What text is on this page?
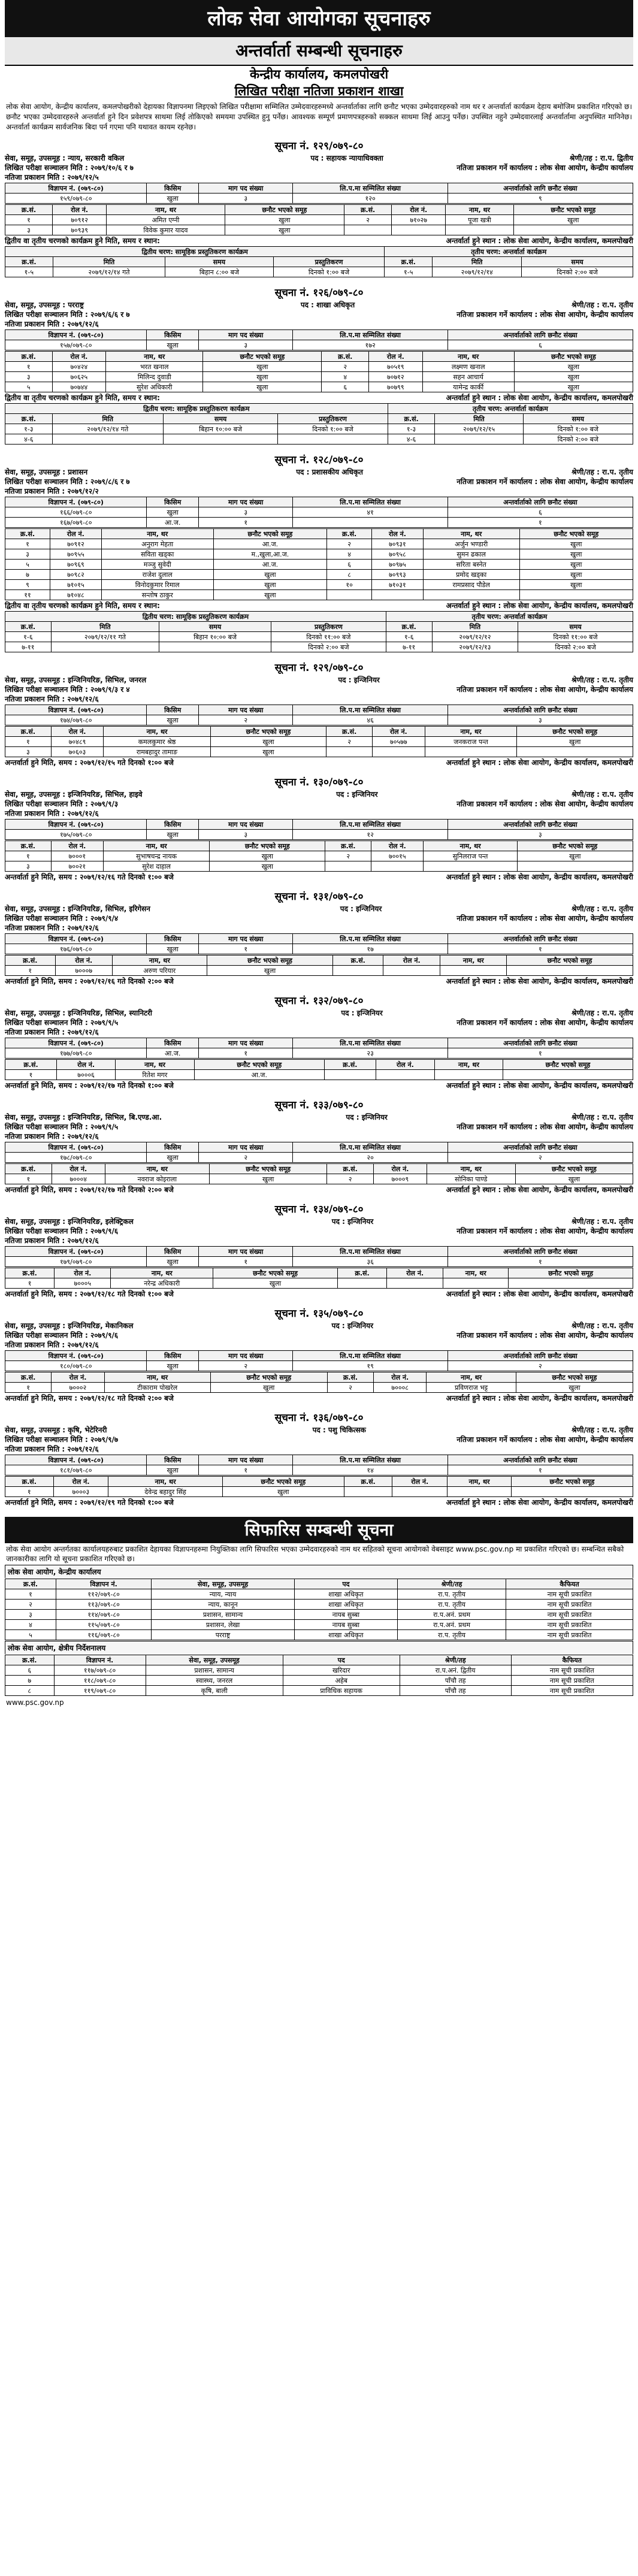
लोक सेवा आयोगका सूचनाहरु
अन्तर्वार्ता सम्बन्धी सूचनाहरु
केन्द्रीय कार्यालय, कमलपोखरी
लिखित परीक्षा नतिजा प्रकाशन शाखा
लोक सेवा आयोग, केन्द्रीय कार्यालय, कमलपोखरीको देहायका विज्ञापनमा लिइएको लिखित परीक्षामा सम्मिलित उम्मेदवारहरुमध्ये अन्तर्वार्ताका लागि छनौट भएका उम्मेदवारहरुको नाम थर र अन्तर्वार्ता कार्यक्रम देहाय बमोजिम प्रकाशित गरिएको छ। छनौट भएका उम्मेदवारहरुले अन्तर्वार्ता हुने दिन प्रवेशपत्र साथमा लिई तोकिएको समयमा उपस्थित हुनु पर्नेछ। आवश्यक सम्पूर्ण प्रमाणपत्रहरुको सक्कल साथमा लिई आउनु पर्नेछ। उपस्थित नहुने उम्मेदवारलाई अन्तर्वार्तामा अनुपस्थित मानिनेछ। अन्तर्वार्ता कार्यक्रम सार्वजनिक बिदा पर्न गएमा पनि यथावत कायम रहनेछ।
सूचना नं. १२९/०७९-८०
सेवा, समूह, उपसमूह : न्याय, सरकारी वकिल	पद : सहायक न्यायाधिवक्ता	श्रेणी/तह : रा.प. द्वितीय
लिखित परीक्षा सञ्चालन मिति : २०७९/१०/६ र ७	नतिजा प्रकाशन गर्ने कार्यालय : लोक सेवा आयोग, केन्द्रीय कार्यालय
नतिजा प्रकाशन मिति : २०७९/१२/५
विज्ञापन नं. (०७९-८०)	किसिम	माग पद संख्या	लि.प.मा सम्मिलित संख्या	अन्तर्वार्ताको लागि छनौट संख्या
१५९/०७९-८०	खुला	३	१२०	९
क्र.सं.	रोल नं.	नाम, थर	छनौट भएको समूह	क्र.सं.	रोल नं.	नाम, थर	छनौट भएको समूह
१	७०९१२	अमित एग्नी	खुला	२	७१०२७	पूजा खत्री	खुला
३	७०९३९	विवेक कुमार यादव	खुला				
द्वितीय वा तृतीय चरणको कार्यक्रम हुने मिति, समय र स्थान:	अन्तर्वार्ता हुने स्थान : लोक सेवा आयोग, केन्द्रीय कार्यालय, कमलपोखरी
द्वितीय चरण: सामूहिक प्रस्तुतिकरण कार्यक्रम				तृतीय चरण: अन्तर्वार्ता कार्यक्रम		
क्र.सं.	मिति	समय	प्रस्तुतिकरण	क्र.सं.	मिति	समय
१-५	२०७९/१२/१४ गते	बिहान ८:०० बजे	दिनको १:०० बजे	१-५	२०७९/१२/१४	दिनको २:०० बजे
सूचना नं. १२६/०७९-८०
सेवा, समूह, उपसमूह : परराष्ट्र	पद : शाखा अधिकृत	श्रेणी/तह : रा.प. तृतीय
लिखित परीक्षा सञ्चालन मिति : २०७९/६/६ र ७	नतिजा प्रकाशन गर्ने कार्यालय : लोक सेवा आयोग, केन्द्रीय कार्यालय
नतिजा प्रकाशन मिति : २०७९/१२/६
विज्ञापन नं. (०७९-८०)	किसिम	माग पद संख्या	लि.प.मा सम्मिलित संख्या	अन्तर्वार्ताको लागि छनौट संख्या
१५७/०७९-८०	खुला	३	१७२	६
क्र.सं.	रोल नं.	नाम, थर	छनौट भएको समूह	क्र.सं.	रोल नं.	नाम, थर	छनौट भएको समूह
१	७०४२४	भरत खनाल	खुला	२	७०५१९	लक्ष्मण खनाल	खुला
३	७०६२५	मिलिन्द दुवाडी	खुला	४	७०७१२	सहन आचार्य	खुला
५	७०७४४	सुरेश अधिकारी	खुला	६	७०७९९	यामेन्द्र कार्की	खुला
द्वितीय वा तृतीय चरणको कार्यक्रम हुने मिति, समय र स्थान:	अन्तर्वार्ता हुने स्थान : लोक सेवा आयोग, केन्द्रीय कार्यालय, कमलपोखरी
द्वितीय चरण: सामूहिक प्रस्तुतिकरण कार्यक्रम				तृतीय चरण: अन्तर्वार्ता कार्यक्रम		
क्र.सं.	मिति	समय	प्रस्तुतिकरण	क्र.सं.	मिति	समय
१-३	२०७९/१२/१४ गते	बिहान १०:०० बजे	दिनको १:०० बजे	१-३	२०७९/१२/१५	दिनको १:०० बजे
४-६				४-६		दिनको २:०० बजे
सूचना नं. १२८/०७९-८०
सेवा, समूह, उपसमूह : प्रशासन	पद : प्रशासकीय अधिकृत	श्रेणी/तह : रा.प. तृतीय
लिखित परीक्षा सञ्चालन मिति : २०७९/८/६ र ७	नतिजा प्रकाशन गर्ने कार्यालय : लोक सेवा आयोग, केन्द्रीय कार्यालय
नतिजा प्रकाशन मिति : २०७९/१२/२
विज्ञापन नं. (०७९-८०)	किसिम	माग पद संख्या	लि.प.मा सम्मिलित संख्या	अन्तर्वार्ताको लागि छनौट संख्या
१६६/०७९-८०	खुला	३	४१	६
१६७/०७९-८०	आ.ज.	१		१
क्र.सं.	रोल नं.	नाम, थर	छनौट भएको समूह	क्र.सं.	रोल नं.	नाम, थर	छनौट भएको समूह
१	७०९१२	अनुराग मेहता	आ.ज.	२	७०९३१	अर्जुन भण्डारी	खुला
३	७०९५५	सविता खड्का	म.,खुला,आ.ज.	४	७०९५८	सुमन ढकाल	खुला
५	७०९६९	मञ्जु सुवेदी	आ.ज.	६	७०९७५	सरिता बस्नेत	खुला
७	७०९८२	राजेश दुलाल	खुला	८	७०९९३	प्रमोद खड्का	खुला
९	७१०१५	विनोदकुमार रिमाल	खुला	१०	७१०३१	रामप्रसाद पौडेल	खुला
११	७१०४८	सन्तोष ठाकुर	खुला				
द्वितीय वा तृतीय चरणको कार्यक्रम हुने मिति, समय र स्थान:	अन्तर्वार्ता हुने स्थान : लोक सेवा आयोग, केन्द्रीय कार्यालय, कमलपोखरी
द्वितीय चरण: सामूहिक प्रस्तुतिकरण कार्यक्रम				तृतीय चरण: अन्तर्वार्ता कार्यक्रम		
क्र.सं.	मिति	समय	प्रस्तुतिकरण	क्र.सं.	मिति	समय
१-६	२०७९/१२/११ गते	बिहान १०:०० बजे	दिनको ११:०० बजे	१-६	२०७९/१२/१२	दिनको ११:०० बजे
७-११			दिनको २:०० बजे	७-११	२०७९/१२/१३	दिनको २:०० बजे
सूचना नं. १२९/०७९-८०
सेवा, समूह, उपसमूह : इन्जिनियरिङ, सिभिल, जनरल	पद : इन्जिनियर	श्रेणी/तह : रा.प. तृतीय
लिखित परीक्षा सञ्चालन मिति : २०७९/९/३ र ४	नतिजा प्रकाशन गर्ने कार्यालय : लोक सेवा आयोग, केन्द्रीय कार्यालय
नतिजा प्रकाशन मिति : २०७९/१२/६
विज्ञापन नं. (०७९-८०)	किसिम	माग पद संख्या	लि.प.मा सम्मिलित संख्या	अन्तर्वार्ताको लागि छनौट संख्या
१७४/०७९-८०	खुला	२	४६	३
क्र.सं.	रोल नं.	नाम, थर	छनौट भएको समूह	क्र.सं.	रोल नं.	नाम, थर	छनौट भएको समूह
१	७०४८९	कमलकुमार श्रेष्ठ	खुला	२	७०५७७	जनकराज पन्त	खुला
३	७०६०३	रामबहादुर तामाङ	खुला				
अन्तर्वार्ता हुने मिति, समय : २०७९/१२/१५ गते दिनको १:०० बजे	अन्तर्वार्ता हुने स्थान : लोक सेवा आयोग, केन्द्रीय कार्यालय, कमलपोखरी
सूचना नं. १३०/०७९-८०
सेवा, समूह, उपसमूह : इन्जिनियरिङ, सिभिल, हाइवे	पद : इन्जिनियर	श्रेणी/तह : रा.प. तृतीय
लिखित परीक्षा सञ्चालन मिति : २०७९/९/३	नतिजा प्रकाशन गर्ने कार्यालय : लोक सेवा आयोग, केन्द्रीय कार्यालय
नतिजा प्रकाशन मिति : २०७९/१२/६
विज्ञापन नं. (०७९-८०)	किसिम	माग पद संख्या	लि.प.मा सम्मिलित संख्या	अन्तर्वार्ताको लागि छनौट संख्या
१७५/०७९-८०	खुला	३	१२	३
क्र.सं.	रोल नं.	नाम, थर	छनौट भएको समूह	क्र.सं.	रोल नं.	नाम, थर	छनौट भएको समूह
१	७०००१	सुभाषचन्द्र नायक	खुला	२	७००१५	सुनिलराज पन्त	खुला
३	७००२१	सुरेश दाहाल	खुला				
अन्तर्वार्ता हुने मिति, समय : २०७९/१२/१६ गते दिनको १:०० बजे	अन्तर्वार्ता हुने स्थान : लोक सेवा आयोग, केन्द्रीय कार्यालय, कमलपोखरी
सूचना नं. १३१/०७९-८०
सेवा, समूह, उपसमूह : इन्जिनियरिङ, सिभिल, इरिगेसन	पद : इन्जिनियर	श्रेणी/तह : रा.प. तृतीय
लिखित परीक्षा सञ्चालन मिति : २०७९/९/४	नतिजा प्रकाशन गर्ने कार्यालय : लोक सेवा आयोग, केन्द्रीय कार्यालय
नतिजा प्रकाशन मिति : २०७९/१२/६
विज्ञापन नं. (०७९-८०)	किसिम	माग पद संख्या	लि.प.मा सम्मिलित संख्या	अन्तर्वार्ताको लागि छनौट संख्या
१७६/०७९-८०	खुला	१	१७	१
क्र.सं.	रोल नं.	नाम, थर	छनौट भएको समूह	क्र.सं.	रोल नं.	नाम, थर	छनौट भएको समूह
१	७०००७	अरुण परियार	खुला				
अन्तर्वार्ता हुने मिति, समय : २०७९/१२/१६ गते दिनको २:०० बजे	अन्तर्वार्ता हुने स्थान : लोक सेवा आयोग, केन्द्रीय कार्यालय, कमलपोखरी
सूचना नं. १३२/०७९-८०
सेवा, समूह, उपसमूह : इन्जिनियरिङ, सिभिल, स्यानिटरी	पद : इन्जिनियर	श्रेणी/तह : रा.प. तृतीय
लिखित परीक्षा सञ्चालन मिति : २०७९/९/५	नतिजा प्रकाशन गर्ने कार्यालय : लोक सेवा आयोग, केन्द्रीय कार्यालय
नतिजा प्रकाशन मिति : २०७९/१२/६
विज्ञापन नं. (०७९-८०)	किसिम	माग पद संख्या	लि.प.मा सम्मिलित संख्या	अन्तर्वार्ताको लागि छनौट संख्या
१७७/०७९-८०	आ.ज.	१	२३	१
क्र.सं.	रोल नं.	नाम, थर	छनौट भएको समूह	क्र.सं.	रोल नं.	नाम, थर	छनौट भएको समूह
१	७०००६	रितेश मगर	आ.ज.				
अन्तर्वार्ता हुने मिति, समय : २०७९/१२/१७ गते दिनको १:०० बजे	अन्तर्वार्ता हुने स्थान : लोक सेवा आयोग, केन्द्रीय कार्यालय, कमलपोखरी
सूचना नं. १३३/०७९-८०
सेवा, समूह, उपसमूह : इन्जिनियरिङ, सिभिल, बि.एण्ड.आ.	पद : इन्जिनियर	श्रेणी/तह : रा.प. तृतीय
लिखित परीक्षा सञ्चालन मिति : २०७९/९/५	नतिजा प्रकाशन गर्ने कार्यालय : लोक सेवा आयोग, केन्द्रीय कार्यालय
नतिजा प्रकाशन मिति : २०७९/१२/६
विज्ञापन नं. (०७९-८०)	किसिम	माग पद संख्या	लि.प.मा सम्मिलित संख्या	अन्तर्वार्ताको लागि छनौट संख्या
१७८/०७९-८०	खुला	२	२०	२
क्र.सं.	रोल नं.	नाम, थर	छनौट भएको समूह	क्र.सं.	रोल नं.	नाम, थर	छनौट भएको समूह
१	७०००४	नवराज कोइराला	खुला	२	७०००९	सोनिका पाण्डे	खुला
अन्तर्वार्ता हुने मिति, समय : २०७९/१२/१७ गते दिनको २:०० बजे	अन्तर्वार्ता हुने स्थान : लोक सेवा आयोग, केन्द्रीय कार्यालय, कमलपोखरी
सूचना नं. १३४/०७९-८०
सेवा, समूह, उपसमूह : इन्जिनियरिङ, इलेक्ट्रिकल	पद : इन्जिनियर	श्रेणी/तह : रा.प. तृतीय
लिखित परीक्षा सञ्चालन मिति : २०७९/९/६	नतिजा प्रकाशन गर्ने कार्यालय : लोक सेवा आयोग, केन्द्रीय कार्यालय
नतिजा प्रकाशन मिति : २०७९/१२/६
विज्ञापन नं. (०७९-८०)	किसिम	माग पद संख्या	लि.प.मा सम्मिलित संख्या	अन्तर्वार्ताको लागि छनौट संख्या
१७९/०७९-८०	खुला	१	३६	१
क्र.सं.	रोल नं.	नाम, थर	छनौट भएको समूह	क्र.सं.	रोल नं.	नाम, थर	छनौट भएको समूह
१	७०००५	नरेन्द्र अधिकारी	खुला				
अन्तर्वार्ता हुने मिति, समय : २०७९/१२/१८ गते दिनको १:०० बजे	अन्तर्वार्ता हुने स्थान : लोक सेवा आयोग, केन्द्रीय कार्यालय, कमलपोखरी
सूचना नं. १३५/०७९-८०
सेवा, समूह, उपसमूह : इन्जिनियरिङ, मेकानिकल	पद : इन्जिनियर	श्रेणी/तह : रा.प. तृतीय
लिखित परीक्षा सञ्चालन मिति : २०७९/९/६	नतिजा प्रकाशन गर्ने कार्यालय : लोक सेवा आयोग, केन्द्रीय कार्यालय
नतिजा प्रकाशन मिति : २०७९/१२/६
विज्ञापन नं. (०७९-८०)	किसिम	माग पद संख्या	लि.प.मा सम्मिलित संख्या	अन्तर्वार्ताको लागि छनौट संख्या
१८०/०७९-८०	खुला	२	१९	२
क्र.सं.	रोल नं.	नाम, थर	छनौट भएको समूह	क्र.सं.	रोल नं.	नाम, थर	छनौट भएको समूह
१	७०००२	टीकाराम पोखरेल	खुला	२	७०००८	प्रविणराज भट्ट	खुला
अन्तर्वार्ता हुने मिति, समय : २०७९/१२/१८ गते दिनको २:०० बजे	अन्तर्वार्ता हुने स्थान : लोक सेवा आयोग, केन्द्रीय कार्यालय, कमलपोखरी
सूचना नं. १३६/०७९-८०
सेवा, समूह, उपसमूह : कृषि, भेटेरिनरी	पद : पशु चिकित्सक	श्रेणी/तह : रा.प. तृतीय
लिखित परीक्षा सञ्चालन मिति : २०७९/९/७	नतिजा प्रकाशन गर्ने कार्यालय : लोक सेवा आयोग, केन्द्रीय कार्यालय
नतिजा प्रकाशन मिति : २०७९/१२/६
विज्ञापन नं. (०७९-८०)	किसिम	माग पद संख्या	लि.प.मा सम्मिलित संख्या	अन्तर्वार्ताको लागि छनौट संख्या
१८१/०७९-८०	खुला	१	१४	१
क्र.सं.	रोल नं.	नाम, थर	छनौट भएको समूह	क्र.सं.	रोल नं.	नाम, थर	छनौट भएको समूह
१	७०००३	देवेन्द्र बहादुर सिंह	खुला				
अन्तर्वार्ता हुने मिति, समय : २०७९/१२/१९ गते दिनको १:०० बजे	अन्तर्वार्ता हुने स्थान : लोक सेवा आयोग, केन्द्रीय कार्यालय, कमलपोखरी
सिफारिस सम्बन्धी सूचना
लोक सेवा आयोग अन्तर्गतका कार्यालयहरुबाट प्रकाशित देहायका विज्ञापनहरुमा नियुक्तिका लागि सिफारिस भएका उम्मेदवारहरुको नाम थर सहितको सूचना आयोगको वेबसाइट www.psc.gov.np मा प्रकाशित गरिएको छ। सम्बन्धित सबैको जानकारीका लागि यो सूचना प्रकाशित गरिएको छ।
लोक सेवा आयोग, केन्द्रीय कार्यालय
क्र.सं.	विज्ञापन नं.	सेवा, समूह, उपसमूह	पद	श्रेणी/तह	कैफियत
१	११२/०७९-८०	न्याय, न्याय	शाखा अधिकृत	रा.प. तृतीय	नाम सूची प्रकाशित
२	११३/०७९-८०	न्याय, कानून	शाखा अधिकृत	रा.प. तृतीय	नाम सूची प्रकाशित
३	११४/०७९-८०	प्रशासन, सामान्य	नायब सुब्बा	रा.प.अनं. प्रथम	नाम सूची प्रकाशित
४	११५/०७९-८०	प्रशासन, लेखा	नायब सुब्बा	रा.प.अनं. प्रथम	नाम सूची प्रकाशित
५	११६/०७९-८०	परराष्ट्र	शाखा अधिकृत	रा.प. तृतीय	नाम सूची प्रकाशित
लोक सेवा आयोग, क्षेत्रीय निर्देशनालय
क्र.सं.	विज्ञापन नं.	सेवा, समूह, उपसमूह	पद	श्रेणी/तह	कैफियत
६	११७/०७९-८०	प्रशासन, सामान्य	खरिदार	रा.प.अनं. द्वितीय	नाम सूची प्रकाशित
७	११८/०७९-८०	स्वास्थ्य, जनरल	अहेब	पाँचौ तह	नाम सूची प्रकाशित
८	११९/०७९-८०	कृषि, बाली	प्राविधिक सहायक	पाँचौ तह	नाम सूची प्रकाशित
www.psc.gov.np
